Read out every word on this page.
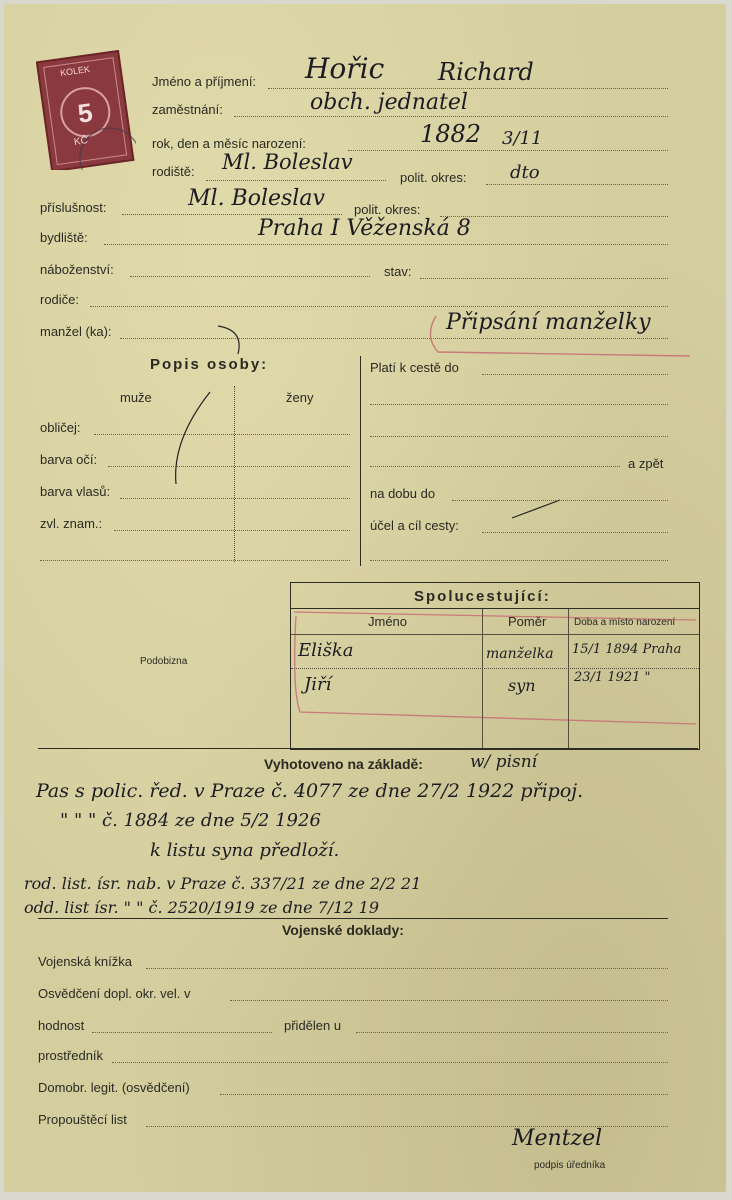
KOLEK
5
KČ
Jméno a příjmení: Hořic Richard
zaměstnání:	obch. jednatel
rok, den a měsíc narození:	1882 3/11
rodiště: Ml. Boleslav
polit. okres: dto
příslušnost:	Ml. Boleslav polit. okres:
bydliště:	Praha I Věženská 8
náboženství:	stav:
rodiče:
manžel (ka):	Připsání manželky
Popis osoby:
muže	ženy
obličej:
barva očí:
barva vlasů:
zvl. znam.:
Platí k cestě do
a zpět
na dobu do
účel a cíl cesty:
Podobizna
Spolucestující:
Jméno	Poměr	Doba a místo narození
Eliška	manželka 15/1 1894 Praha
Jiří	syn	23/1 1921 "
Vyhotoveno na základě:	w/ pisní
Pas s polic. řed. v Praze č. 4077 ze dne 27/2 1922 připoj.
" " " č. 1884 ze dne 5/2 1926
k listu syna předloží.
rod. list. ísr. nab. v Praze č. 337/21 ze dne 2/2 21
odd. list ísr. " " č. 2520/1919 ze dne 7/12 19
Vojenské doklady:
Vojenská knížka
Osvědčení dopl. okr. vel. v
hodnost	přidělen u
prostředník
Domobr. legit. (osvědčení)
Propouštěcí list
Mentzel
podpis úředníka
